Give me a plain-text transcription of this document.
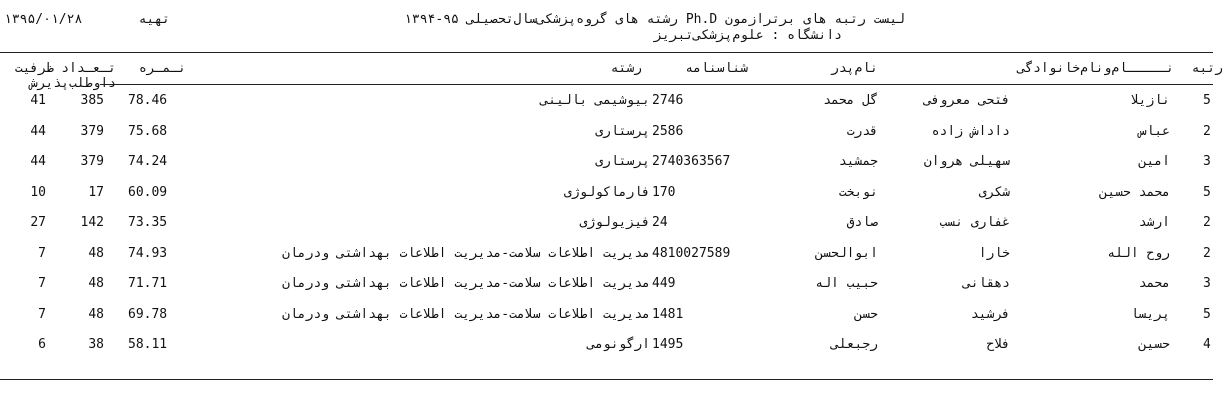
۱۳۹۵/۰۱/۲۸	تهیه	لیست رتبه های برترازمون Ph.D رشته های گروه‌پزشکی‌سال‌تحصیلی ۹۵-۱۳۹۴
دانشگاه : علوم‌پزشکی‌تبریز
رتبه
نـــــام‌ونام‌خانوادگی
نام‌پدر
شناسنامه
رشته
نـمـره
تـعـداد
ظرفیت
داوطلب‌پذیرش
5
نازیلا
فتحی معروفی
گل محمد
2746
بیوشیمی بالینی
78.46
385
41
2
عباس
داداش زاده
قدرت
2586
پرستاری
75.68
379
44
3
امین
سهیلی هروان
جمشید
2740363567
پرستاری
74.24
379
44
5
محمد حسین
شکری
نوبخت
170
فارماکولوژی
60.09
17
10
2
ارشد
غفاری نسب
صادق
24
فیزیولوژی
73.35
142
27
2
روح الله
خارا
ابوالحسن
4810027589
مدیریت اطلاعات سلامت-مدیریت اطلاعات بهداشتی ودرمان
74.93
48
7
3
محمد
دهقانی
حبیب اله
449
مدیریت اطلاعات سلامت-مدیریت اطلاعات بهداشتی ودرمان
71.71
48
7
5
پریسا
فرشید
حسن
1481
مدیریت اطلاعات سلامت-مدیریت اطلاعات بهداشتی ودرمان
69.78
48
7
4
حسین
فلاح
رجبعلی
1495
ارگونومی
58.11
38
6
